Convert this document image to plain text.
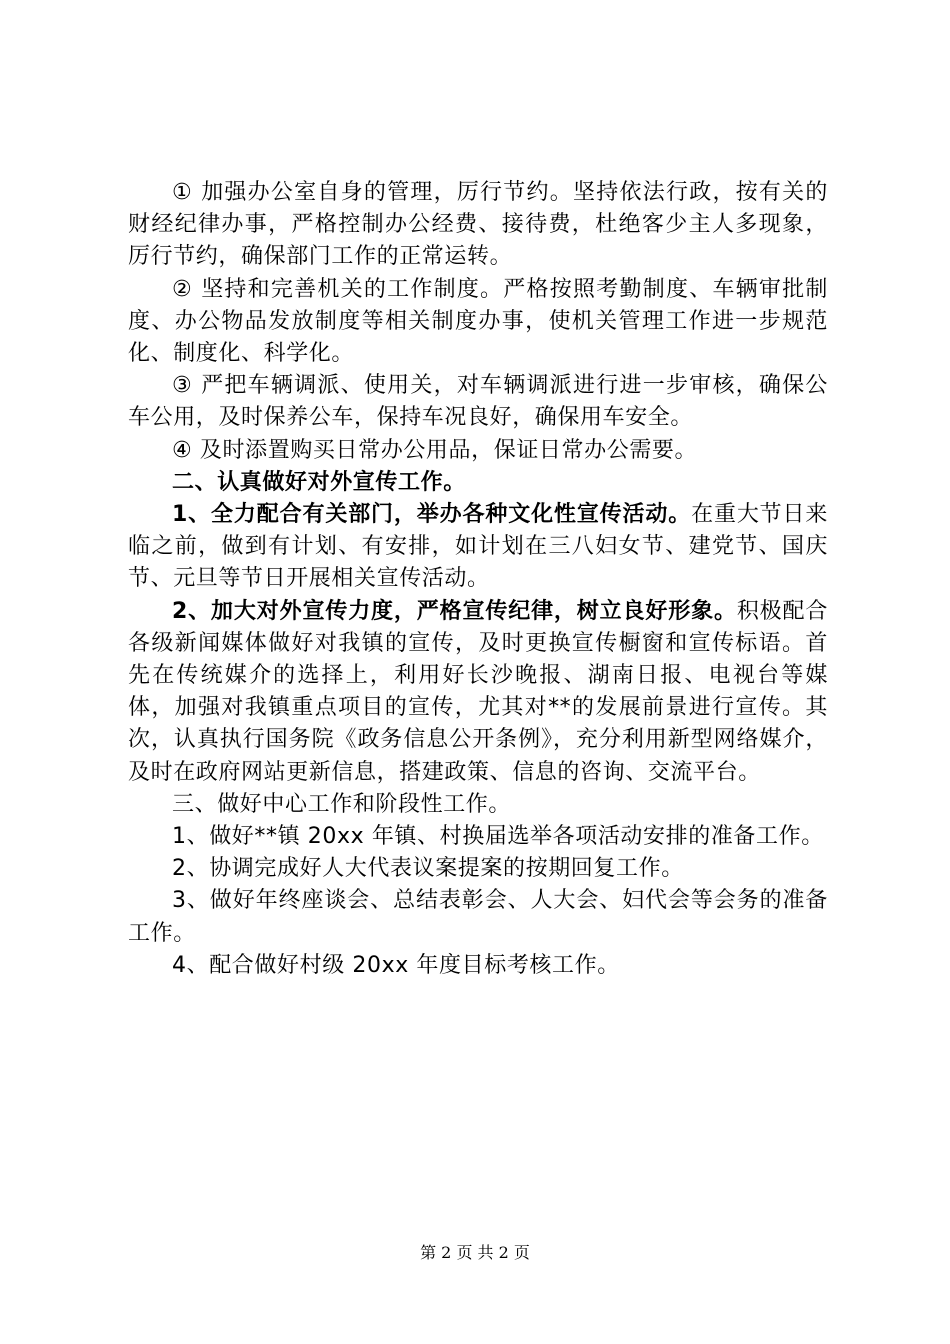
① 加强办公室自身的管理，厉行节约。坚持依法行政，按有关的财经纪律办事，严格控制办公经费、接待费，杜绝客少主人多现象，厉行节约，确保部门工作的正常运转。

② 坚持和完善机关的工作制度。严格按照考勤制度、车辆审批制度、办公物品发放制度等相关制度办事，使机关管理工作进一步规范化、制度化、科学化。

③ 严把车辆调派、使用关，对车辆调派进行进一步审核，确保公车公用，及时保养公车，保持车况良好，确保用车安全。

④ 及时添置购买日常办公用品，保证日常办公需要。

二、认真做好对外宣传工作。

1、全力配合有关部门，举办各种文化性宣传活动。在重大节日来临之前，做到有计划、有安排，如计划在三八妇女节、建党节、国庆节、元旦等节日开展相关宣传活动。

2、加大对外宣传力度，严格宣传纪律，树立良好形象。积极配合各级新闻媒体做好对我镇的宣传，及时更换宣传橱窗和宣传标语。首先在传统媒介的选择上，利用好长沙晚报、湖南日报、电视台等媒体，加强对我镇重点项目的宣传，尤其对**的发展前景进行宣传。其次，认真执行国务院《政务信息公开条例》，充分利用新型网络媒介，及时在政府网站更新信息，搭建政策、信息的咨询、交流平台。

三、做好中心工作和阶段性工作。

1、做好**镇 20xx 年镇、村换届选举各项活动安排的准备工作。

2、协调完成好人大代表议案提案的按期回复工作。

3、做好年终座谈会、总结表彰会、人大会、妇代会等会务的准备工作。

4、配合做好村级 20xx 年度目标考核工作。

第 2 页 共 2 页
